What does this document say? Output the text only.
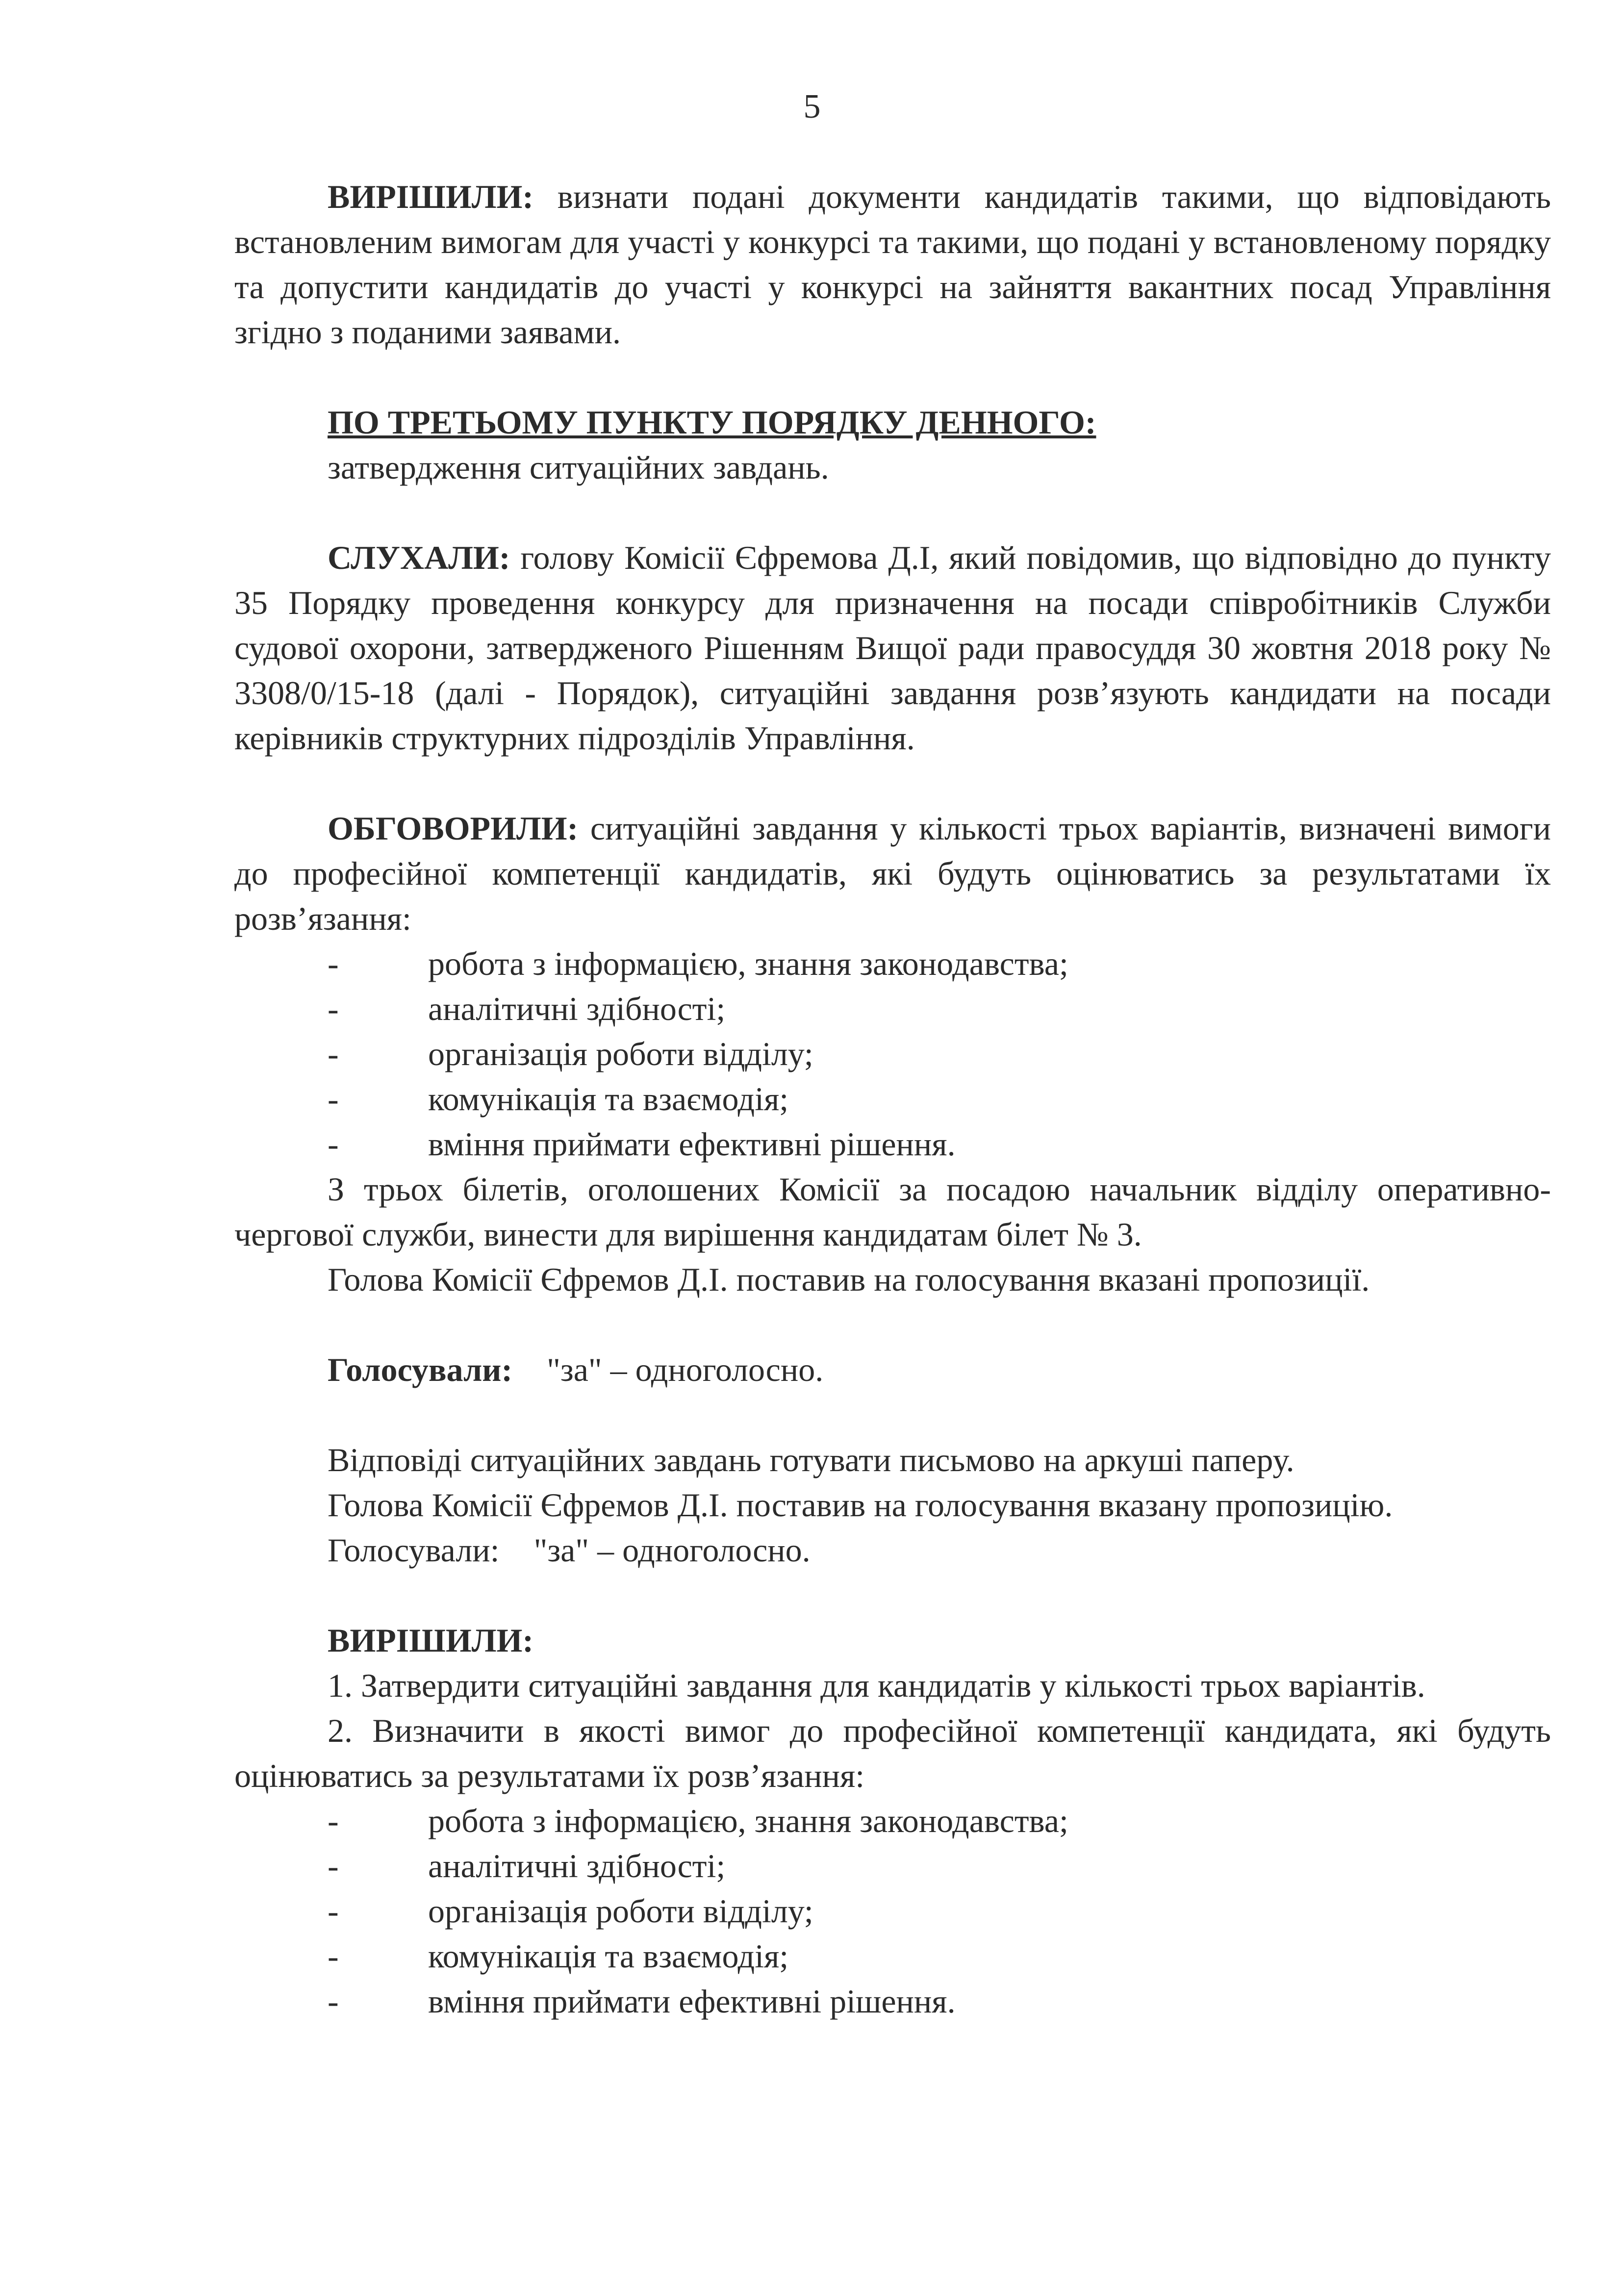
5

ВИРІШИЛИ: визнати подані документи кандидатів такими, що відповідають встановленим вимогам для участі у конкурсі та такими, що подані у встановленому порядку та допустити кандидатів до участі у конкурсі на зайняття вакантних посад Управління згідно з поданими заявами.

ПО ТРЕТЬОМУ ПУНКТУ ПОРЯДКУ ДЕННОГО:
затвердження ситуаційних завдань.

СЛУХАЛИ: голову Комісії Єфремова Д.І, який повідомив, що відповідно до пункту 35 Порядку проведення конкурсу для призначення на посади співробітників Служби судової охорони, затвердженого Рішенням Вищої ради правосуддя 30 жовтня 2018 року № 3308/0/15-18 (далі - Порядок), ситуаційні завдання розв’язують кандидати на посади керівників структурних підрозділів Управління.

ОБГОВОРИЛИ: ситуаційні завдання у кількості трьох варіантів, визначені вимоги до професійної компетенції кандидатів, які будуть оцінюватись за результатами їх розв’язання:

-	робота з інформацією, знання законодавства;
-	аналітичні здібності;
-	організація роботи відділу;
-	комунікація та взаємодія;
-	вміння приймати ефективні рішення.

З трьох білетів, оголошених Комісії за посадою начальник відділу оперативно-чергової служби, винести для вирішення кандидатам білет № 3.

Голова Комісії Єфремов Д.І. поставив на голосування вказані пропозиції.

Голосували: "за" – одноголосно.

Відповіді ситуаційних завдань готувати письмово на аркуші паперу.

Голова Комісії Єфремов Д.І. поставив на голосування вказану пропозицію.

Голосували: "за" – одноголосно.
ВИРІШИЛИ:

1. Затвердити ситуаційні завдання для кандидатів у кількості трьох варіантів.

2. Визначити в якості вимог до професійної компетенції кандидата, які будуть оцінюватись за результатами їх розв’язання:

-	робота з інформацією, знання законодавства;
-	аналітичні здібності;
-	організація роботи відділу;
-	комунікація та взаємодія;
-	вміння приймати ефективні рішення.
